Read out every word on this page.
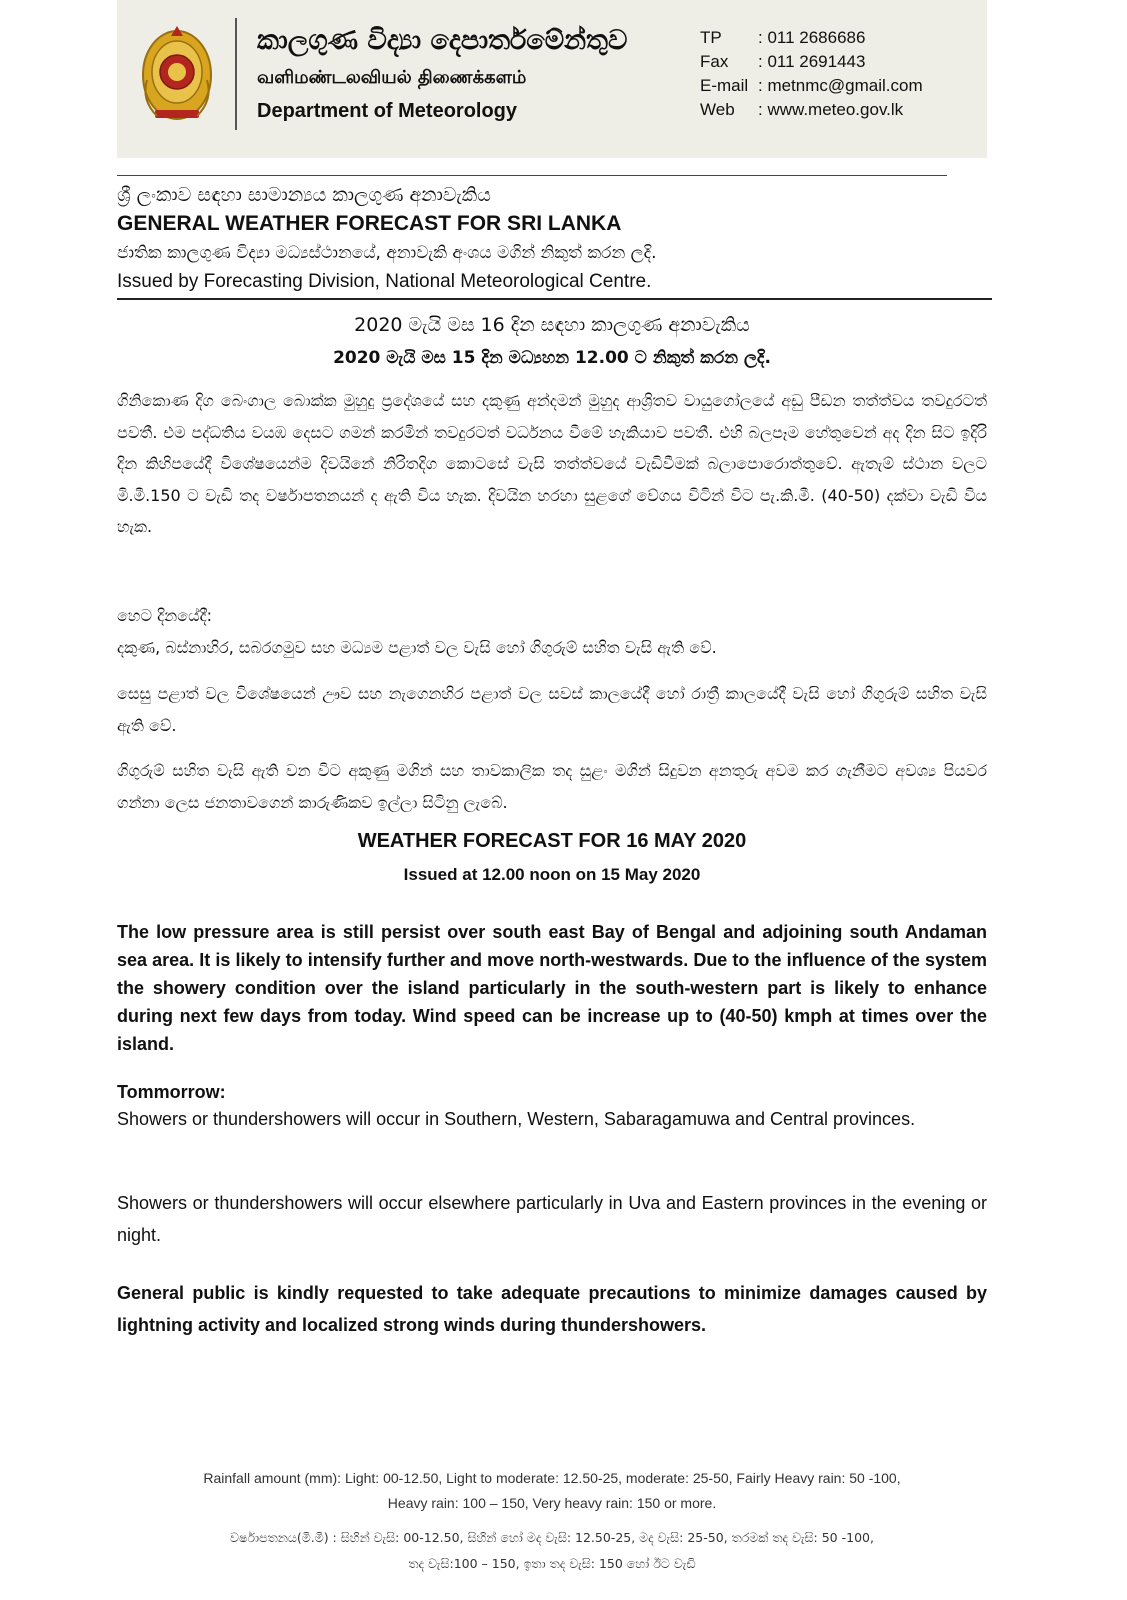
කාලගුණ විද්‍යා දෙපාර්තමේන්තුව
வளிமண்டலவியல் திணைக்களம்
Department of Meteorology
TP : 011 2686686
Fax : 011 2691443
E-mail : metnmc@gmail.com
Web : www.meteo.gov.lk
ශ්‍රී ලංකාව සඳහා සාමාන්‍යය කාලගුණ අනාවැකිය
GENERAL WEATHER FORECAST FOR SRI LANKA
ජාතික කාලගුණ විද්‍යා මධ්‍යස්ථානයේ, අනාවැකි අංශය මගින් නිකුත් කරන ලදි.
Issued by Forecasting Division, National Meteorological Centre.
2020 මැයි මස 16 දින සඳහා කාලගුණ අනාවැකිය
2020 මැයි මස 15 දින මධ්‍යහන 12.00 ට නිකුත් කරන ලදි.
ගිනිකොණ දිග බෙංගාල බොක්ක මුහුදු ප්‍රදේශයේ සහ දකුණු අන්දමන් මුහුද ආශ්‍රිතව වායුගෝලයේ අඩු පීඩන තත්ත්වය තවදුරටත් පවතී. එම පද්ධතිය වයඹ දෙසට ගමන් කරමින් තවදුරටත් වර්ධනය වීමේ හැකියාව පවතී. එහි බලපෑම හේතුවෙන් අද දින සිට ඉදිරි දින කිහිපයේදී විශේෂයෙන්ම දිවයිනේ නිරිතදිග කොටසේ වැසි තත්ත්වයේ වැඩිවීමක් බලාපොරොත්තුවේ. ඇතැම් ස්ථාන වලට මි.මී.150 ට වැඩි තද වර්ෂාපතනයන් ද ඇති විය හැක. දිවයින හරහා සුළගේ වේගය විටින් විට පැ.කි.මී. (40-50) දක්වා වැඩි විය හැක.
හෙට දිනයේදී:
දකුණ, බස්නාහිර, සබරගමුව සහ මධ්‍යම පළාත් වල වැසි හෝ ගිගුරුම් සහිත වැසි ඇති වේ.
සෙසු පළාත් වල විශේෂයෙන් ඌව සහ නැගෙනහිර පළාත් වල සවස් කාලයේදී හෝ රාත්‍රී කාලයේදී වැසි හෝ ගිගුරුම් සහිත වැසි ඇති වේ.
ගිගුරුම් සහිත වැසි ඇති වන විට අකුණු මගින් සහ තාවකාලික තද සුළං මගින් සිදුවන අනතුරු අවම කර ගැනීමට අවශ්‍ය පියවර ගන්නා ලෙස ජනතාවගෙන් කාරුණිකව ඉල්ලා සිටිනු ලැබේ.
WEATHER FORECAST FOR 16 MAY 2020
Issued at 12.00 noon on 15 May 2020
The low pressure area is still persist over south east Bay of Bengal and adjoining south Andaman sea area. It is likely to intensify further and move north-westwards. Due to the influence of the system the showery condition over the island particularly in the south-western part is likely to enhance during next few days from today. Wind speed can be increase up to (40-50) kmph at times over the island.
Tommorrow:
Showers or thundershowers will occur in Southern, Western, Sabaragamuwa and Central provinces.
Showers or thundershowers will occur elsewhere particularly in Uva and Eastern provinces in the evening or night.
General public is kindly requested to take adequate precautions to minimize damages caused by lightning activity and localized strong winds during thundershowers.
Rainfall amount (mm): Light: 00-12.50, Light to moderate: 12.50-25, moderate: 25-50, Fairly Heavy rain: 50 -100,
Heavy rain: 100 – 150, Very heavy rain: 150 or more.
වර්ෂාපතනය(මි.මී) : සිහින් වැසි: 00-12.50, සිහින් හෝ මද වැසි: 12.50-25, මද වැසි: 25-50, තරමක් තද වැසි: 50 -100,
තද වැසි:100 – 150, ඉතා තද වැසි: 150 හෝ ඊට වැඩි
